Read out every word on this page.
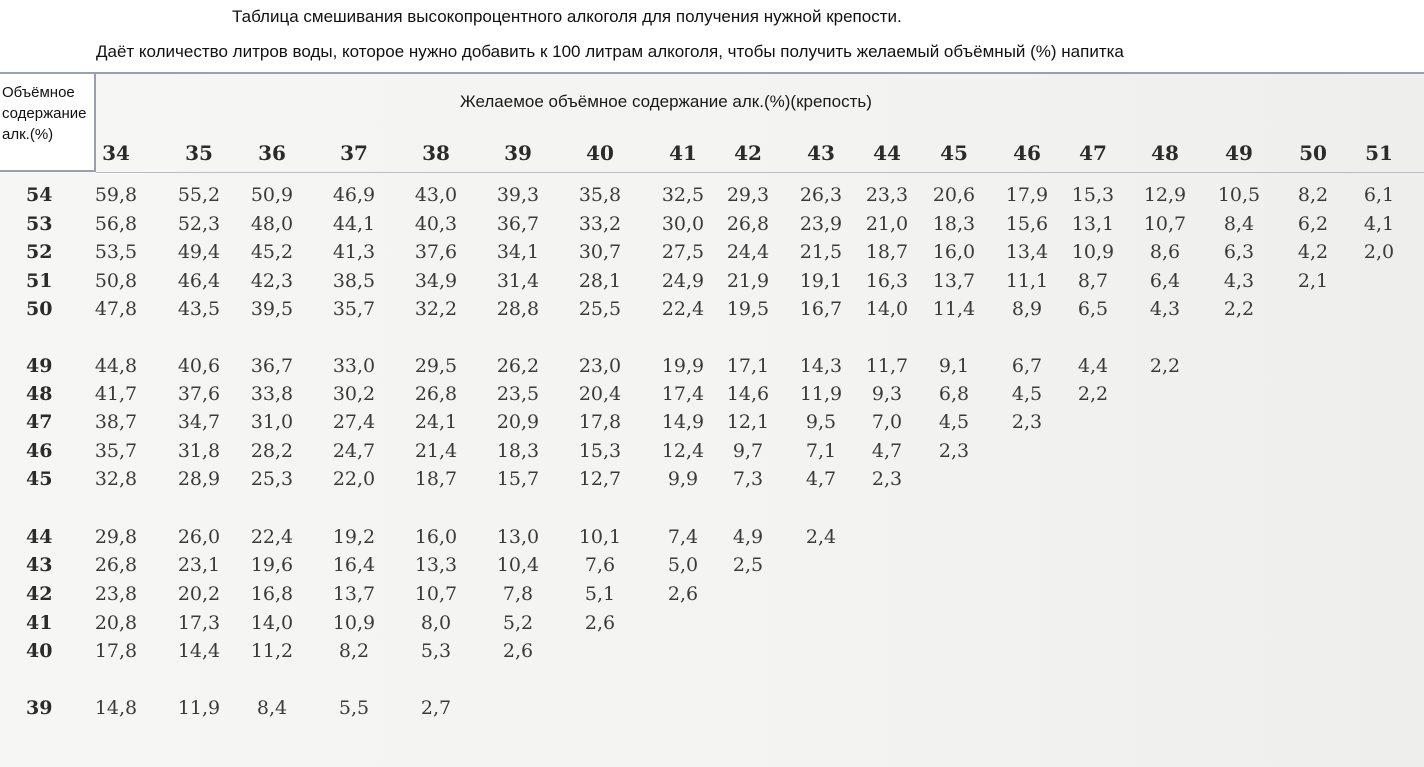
Таблица смешивания высокопроцентного алкоголя для получения нужной крепости.
Даёт количество литров воды, которое нужно добавить к 100 литрам алкоголя, чтобы получить желаемый объёмный (%) напитка
Объёмное
содержание
алк.(%)
Желаемое объёмное содержание алк.(%)(крепость)
34	35 36	37	38	39	40	41 42 43 44 45 46 47 48 49 50 51
54 59,8 55,2 50,9 46,9 43,0 39,3 35,8 32,5 29,3 26,3 23,3 20,6 17,9 15,3 12,9 10,5 8,2 6,1
53 56,8 52,3 48,0 44,1 40,3 36,7 33,2 30,0 26,8 23,9 21,0 18,3 15,6 13,1 10,7 8,4 6,2 4,1
52 53,5 49,4 45,2 41,3 37,6 34,1 30,7 27,5 24,4 21,5 18,7 16,0 13,4 10,9 8,6 6,3 4,2 2,0
51 50,8 46,4 42,3 38,5 34,9 31,4 28,1 24,9 21,9 19,1 16,3 13,7 11,1 8,7 6,4 4,3 2,1
50 47,8 43,5 39,5 35,7 32,2 28,8 25,5 22,4 19,5 16,7 14,0 11,4 8,9 6,5 4,3 2,2
49 44,8 40,6 36,7 33,0 29,5 26,2 23,0 19,9 17,1 14,3 11,7 9,1 6,7 4,4 2,2
48 41,7 37,6 33,8 30,2 26,8 23,5 20,4 17,4 14,6 11,9 9,3 6,8 4,5 2,2
47 38,7 34,7 31,0 27,4 24,1 20,9 17,8 14,9 12,1 9,5 7,0 4,5 2,3
46 35,7 31,8 28,2 24,7 21,4 18,3 15,3 12,4 9,7 7,1 4,7 2,3
45 32,8 28,9 25,3 22,0 18,7 15,7 12,7 9,9 7,3 4,7 2,3
44 29,8 26,0 22,4 19,2 16,0 13,0 10,1 7,4 4,9 2,4
43 26,8 23,1 19,6 16,4 13,3 10,4 7,6	5,0 2,5
42 23,8 20,2 16,8 13,7 10,7 7,8	5,1	2,6
41 20,8 17,3 14,0 10,9 8,0	5,2	2,6
40 17,8 14,4 11,2 8,2	5,3	2,6
39 14,8 11,9 8,4	5,5	2,7
